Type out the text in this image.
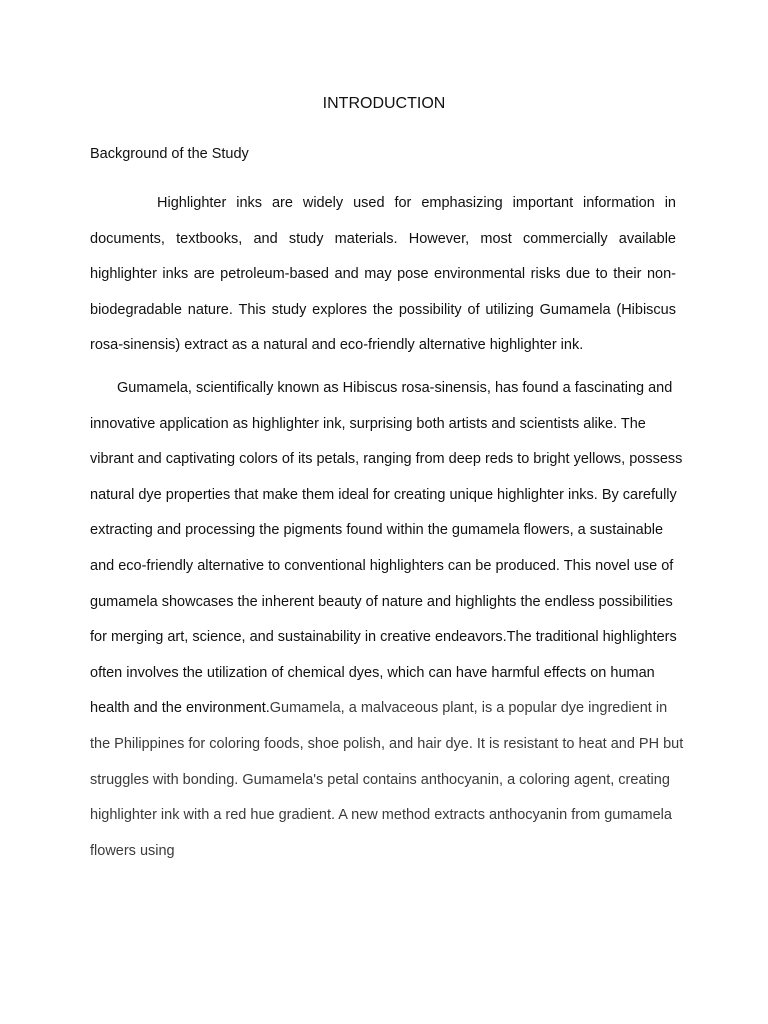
INTRODUCTION
Background of the Study

Highlighter inks are widely used for emphasizing important information in documents, textbooks, and study materials. However, most commercially available highlighter inks are petroleum-based and may pose environmental risks due to their non-biodegradable nature. This study explores the possibility of utilizing Gumamela (Hibiscus rosa-sinensis) extract as a natural and eco-friendly alternative highlighter ink.

Gumamela, scientifically known as Hibiscus rosa-sinensis, has found a fascinating and innovative application as highlighter ink, surprising both artists and scientists alike. The vibrant and captivating colors of its petals, ranging from deep reds to bright yellows, possess natural dye properties that make them ideal for creating unique highlighter inks. By carefully extracting and processing the pigments found within the gumamela flowers, a sustainable and eco-friendly alternative to conventional highlighters can be produced. This novel use of gumamela showcases the inherent beauty of nature and highlights the endless possibilities for merging art, science, and sustainability in creative endeavors.The traditional highlighters often involves the utilization of chemical dyes, which can have harmful effects on human health and the environment.Gumamela, a malvaceous plant, is a popular dye ingredient in the Philippines for coloring foods, shoe polish, and hair dye. It is resistant to heat and PH but struggles with bonding. Gumamela's petal contains anthocyanin, a coloring agent, creating highlighter ink with a red hue gradient. A new method extracts anthocyanin from gumamela flowers using
